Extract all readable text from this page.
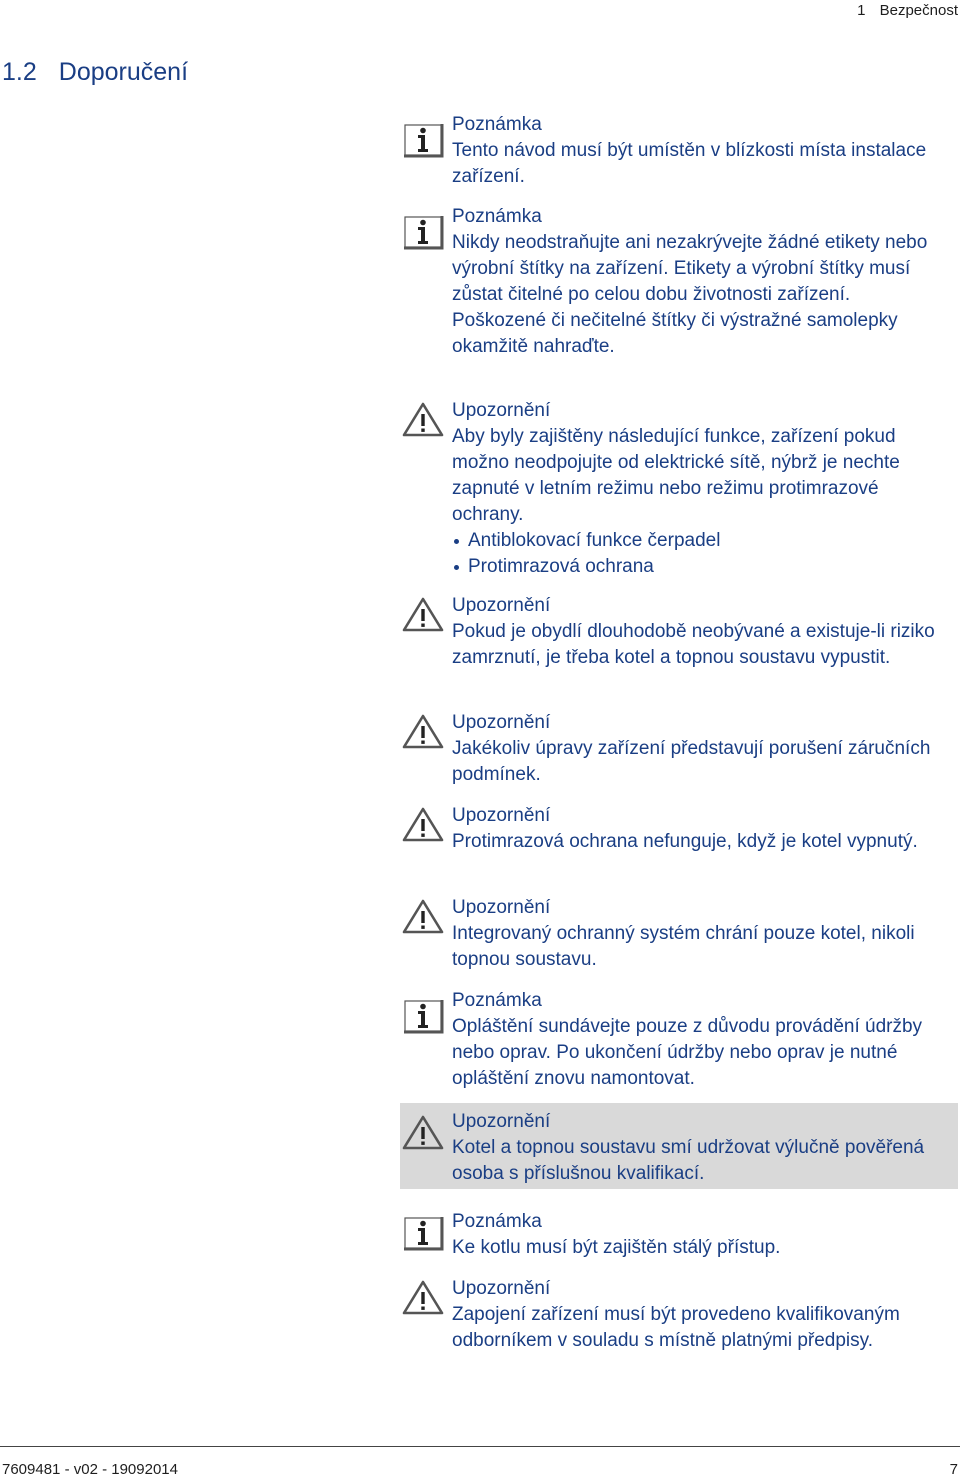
1 Bezpečnost
1.2 Doporučení
Poznámka

Tento návod musí být umístěn v blízkosti místa instalace zařízení.

Poznámka

Nikdy neodstraňujte ani nezakrývejte žádné etikety nebo výrobní štítky na zařízení. Etikety a výrobní štítky musí zůstat čitelné po celou dobu životnosti zařízení.

Poškozené či nečitelné štítky či výstražné samolepky okamžitě nahraďte.

Upozornění

Aby byly zajištěny následující funkce, zařízení pokud možno neodpojujte od elektrické sítě, nýbrž je nechte zapnuté v letním režimu nebo režimu protimrazové ochrany.

Antiblokovací funkce čerpadel
Protimrazová ochrana
Upozornění

Pokud je obydlí dlouhodobě neobývané a existuje-li riziko zamrznutí, je třeba kotel a topnou soustavu vypustit.

Upozornění

Jakékoliv úpravy zařízení představují porušení záručních podmínek.

Upozornění

Protimrazová ochrana nefunguje, když je kotel vypnutý.

Upozornění

Integrovaný ochranný systém chrání pouze kotel, nikoli topnou soustavu.

Poznámka

Opláštění sundávejte pouze z důvodu provádění údržby nebo oprav. Po ukončení údržby nebo oprav je nutné opláštění znovu namontovat.

Upozornění

Kotel a topnou soustavu smí udržovat výlučně pověřená osoba s příslušnou kvalifikací.

Poznámka

Ke kotlu musí být zajištěn stálý přístup.

Upozornění

Zapojení zařízení musí být provedeno kvalifikovaným odborníkem v souladu s místně platnými předpisy.

7609481 - v02 - 19092014	7
